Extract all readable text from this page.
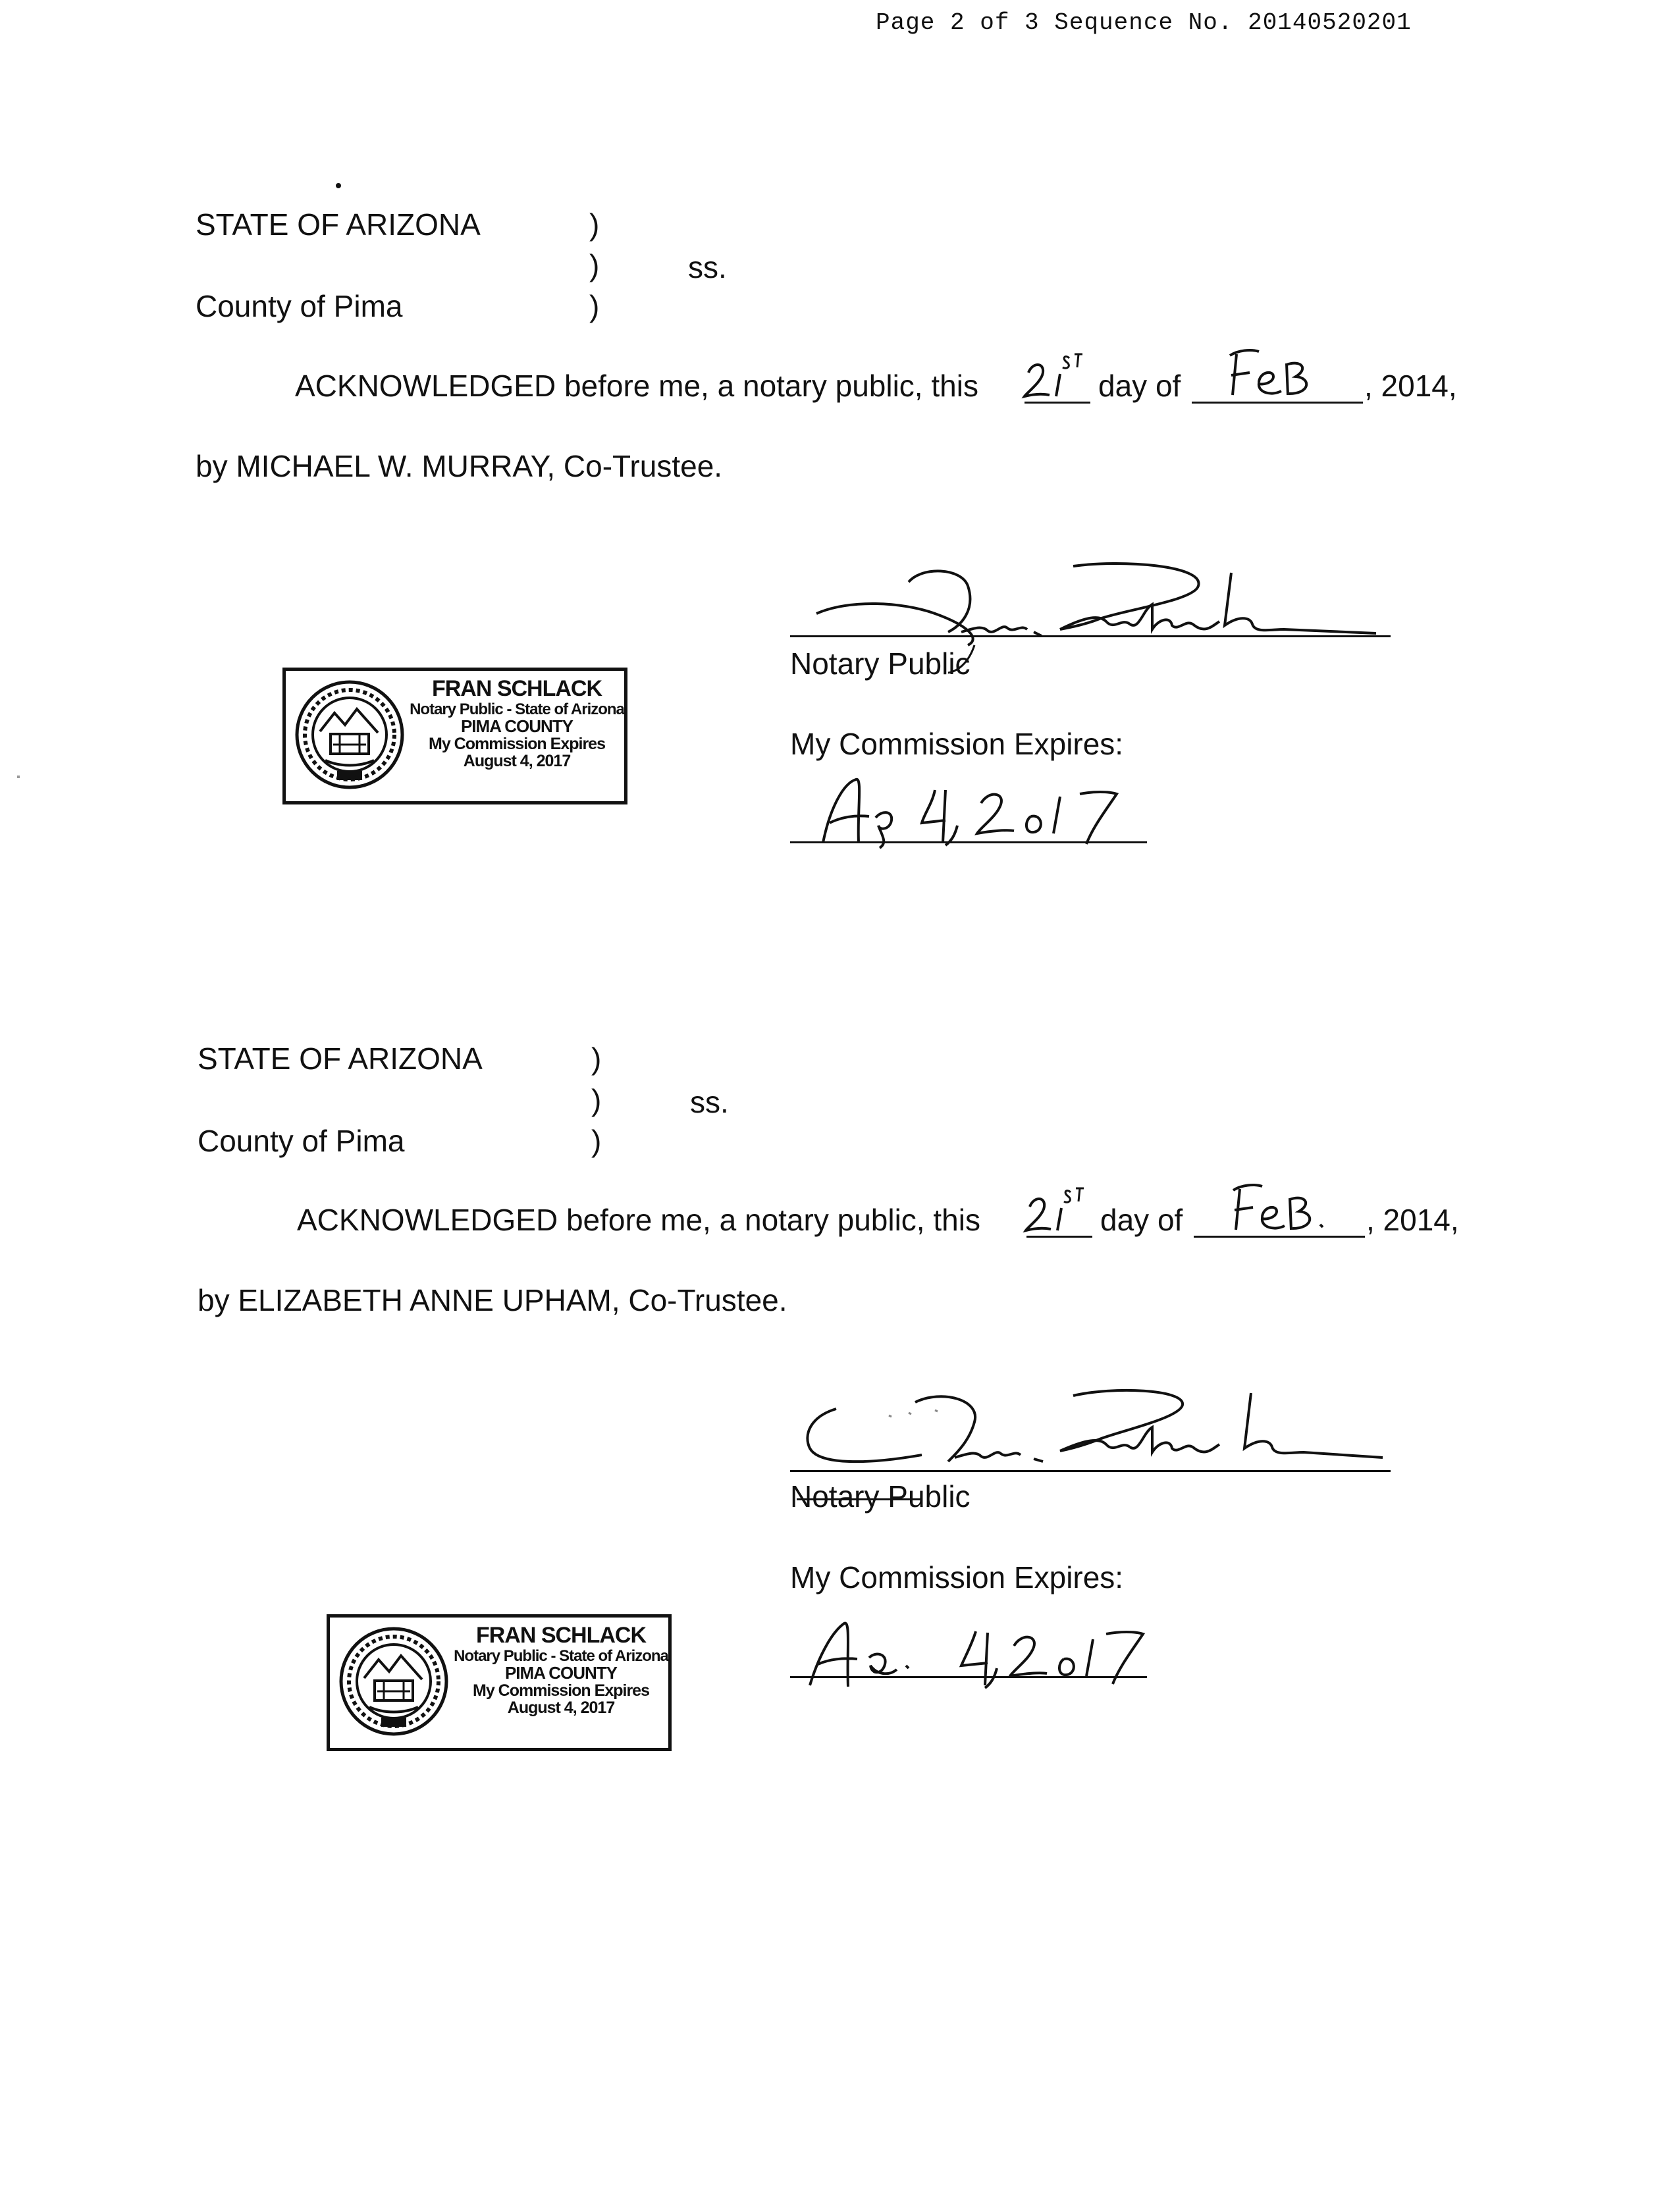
Page 2 of 3 Sequence No. 20140520201
STATE OF ARIZONA	)
)	ss.
County of Pima	)
ACKNOWLEDGED before me, a notary public, this	day of	, 2014,
by MICHAEL W. MURRAY, Co-Trustee.
Notary Public
My Commission Expires:
FRAN SCHLACK
Notary Public - State of Arizona
PIMA COUNTY
My Commission Expires
August 4, 2017
STATE OF ARIZONA	)
)	ss.
County of Pima	)
ACKNOWLEDGED before me, a notary public, this	day of	, 2014,
by ELIZABETH ANNE UPHAM, Co-Trustee.
Notary Public
My Commission Expires:
FRAN SCHLACK
Notary Public - State of Arizona
PIMA COUNTY
My Commission Expires
August 4, 2017
